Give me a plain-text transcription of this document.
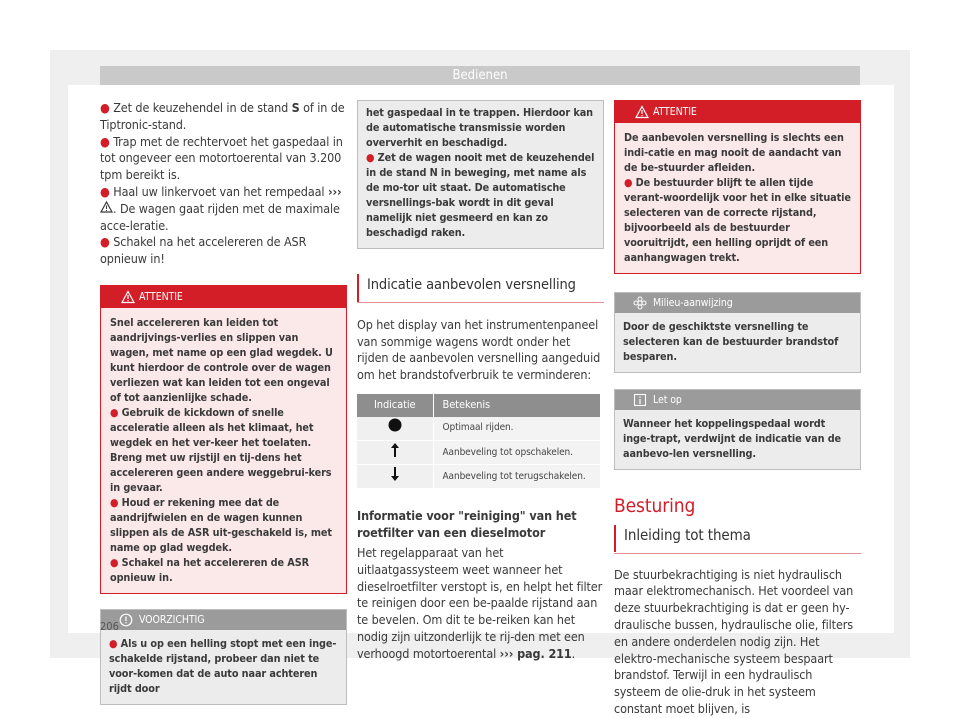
Bedienen

● Zet de keuzehendel in de stand S of in de Tiptronic-stand.

● Trap met de rechtervoet het gaspedaal in tot ongeveer een motortoerental van 3.200 tpm bereikt is.

● Haal uw linkervoet van het rempedaal ››› . De wagen gaat rijden met de maximale acce-leratie.

● Schakel na het accelereren de ASR opnieuw in!

ATTENTIE

Snel accelereren kan leiden tot aandrijvings-verlies en slippen van wagen, met name op een glad wegdek. U kunt hierdoor de controle over de wagen verliezen wat kan leiden tot een ongeval of tot aanzienlijke schade.

● Gebruik de kickdown of snelle acceleratie alleen als het klimaat, het wegdek en het ver-keer het toelaten. Breng met uw rijstijl en tij-dens het accelereren geen andere weggebrui-kers in gevaar.

● Houd er rekening mee dat de aandrijfwielen en de wagen kunnen slippen als de ASR uit-geschakeld is, met name op glad wegdek.

● Schakel na het accelereren de ASR opnieuw in.

VOORZICHTIG

● Als u op een helling stopt met een inge-schakelde rijstand, probeer dan niet te voor-komen dat de auto naar achteren rijdt door

het gaspedaal in te trappen. Hierdoor kan de automatische transmissie worden oververhit en beschadigd.

● Zet de wagen nooit met de keuzehendel in de stand N in beweging, met name als de mo-tor uit staat. De automatische versnellings-bak wordt in dit geval namelijk niet gesmeerd en kan zo beschadigd raken.

Indicatie aanbevolen versnelling

Op het display van het instrumentenpaneel van sommige wagens wordt onder het rijden de aanbevolen versnelling aangeduid om het brandstofverbruik te verminderen:

Indicatie	Betekenis
	Optimaal rijden.
	Aanbeveling tot opschakelen.
	Aanbeveling tot terugschakelen.

Informatie voor "reiniging" van het roetfilter van een dieselmotor

Het regelapparaat van het uitlaatgassysteem weet wanneer het dieselroetfilter verstopt is, en helpt het filter te reinigen door een be-paalde rijstand aan te bevelen. Om dit te be-reiken kan het nodig zijn uitzonderlijk te rij-den met een verhoogd motortoerental ››› pag. 211.

ATTENTIE

De aanbevolen versnelling is slechts een indi-catie en mag nooit de aandacht van de be-stuurder afleiden.

● De bestuurder blijft te allen tijde verant-woordelijk voor het in elke situatie selecteren van de correcte rijstand, bijvoorbeeld als de bestuurder vooruitrijdt, een helling oprijdt of een aanhangwagen trekt.

Milieu-aanwijzing
Door de geschiktste versnelling te selecteren kan de bestuurder brandstof besparen.
Let op
Wanneer het koppelingspedaal wordt inge-trapt, verdwijnt de indicatie van de aanbevo-len versnelling.
Besturing
Inleiding tot thema

De stuurbekrachtiging is niet hydraulisch maar elektromechanisch. Het voordeel van deze stuurbekrachtiging is dat er geen hy-draulische bussen, hydraulische olie, filters en andere onderdelen nodig zijn. Het elektro-mechanische systeem bespaart brandstof. Terwijl in een hydraulisch systeem de olie-druk in het systeem constant moet blijven, is

206
